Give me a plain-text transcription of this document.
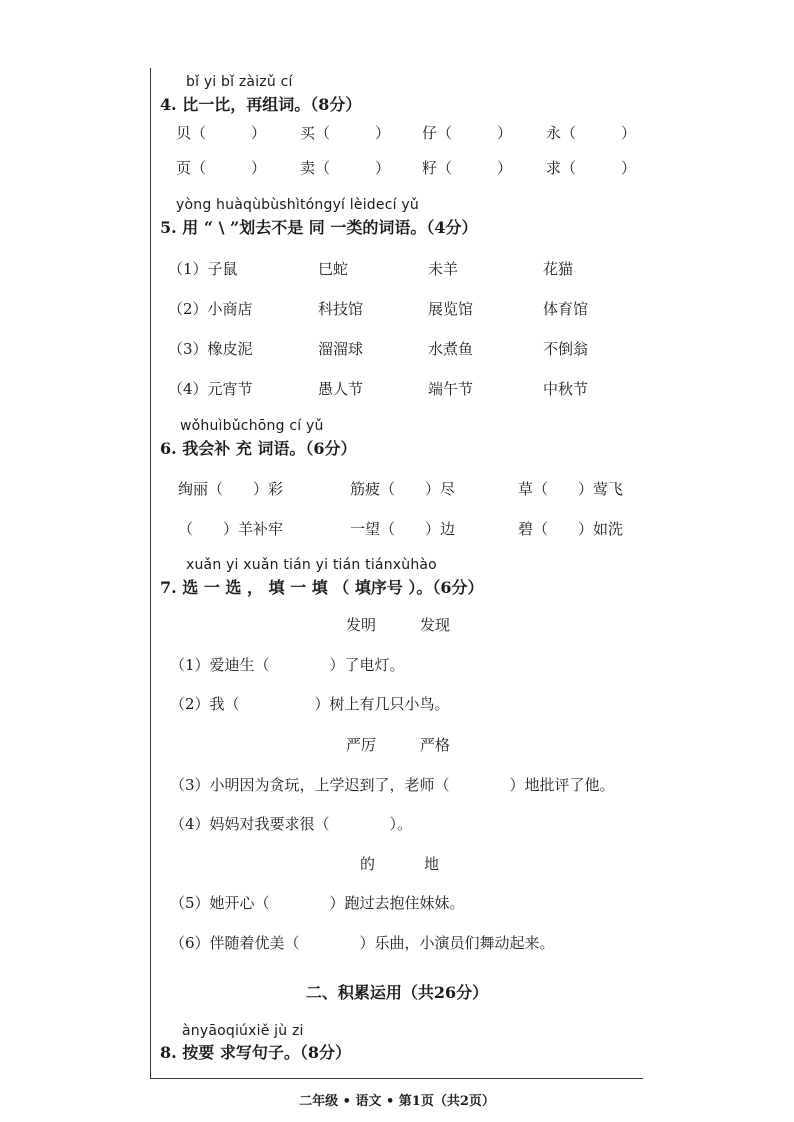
bǐ yi bǐ zàizǔ cí
4. 比一比，再组词。（8分）
贝（　　　） 买（　　　） 仔（　　　） 永（　　　）
页（　　　） 卖（　　　） 籽（　　　） 求（　　　）
yòng huàqùbùshìtóngyí lèidecí yǔ
5. 用 “ \ ”划去不是 同 一类的词语。（4分）
（1）子鼠	巳蛇	未羊	花猫
（2）小商店	科技馆	展览馆	体育馆
（3）橡皮泥	溜溜球	水煮鱼	不倒翁
（4）元宵节	愚人节	端午节	中秋节
wǒhuìbǔchōng cí yǔ
6. 我会补 充 词语。（6分）
绚丽（　　）彩	筋疲（　　）尽	草（　　）莺飞
（　　）羊补牢	一望（　　）边	碧（　　）如洗
xuǎn yi xuǎn tián yi tián tiánxùhào
7. 选 一 选 ， 填 一 填 （ 填序号 ）。（6分）
发明	发现
（1）爱迪生（　　　　）了电灯。
（2）我（　　　　　）树上有几只小鸟。
严厉	严格
（3）小明因为贪玩，上学迟到了，老师（　　　　）地批评了他。
（4）妈妈对我要求很（　　　　）。
的	地
（5）她开心（　　　　）跑过去抱住妹妹。
（6）伴随着优美（　　　　）乐曲，小演员们舞动起来。
二、积累运用（共26分）
ànyāoqiúxiě jù zi
8. 按要 求写句子。（8分）
二年级 • 语文 • 第1页（共2页）
